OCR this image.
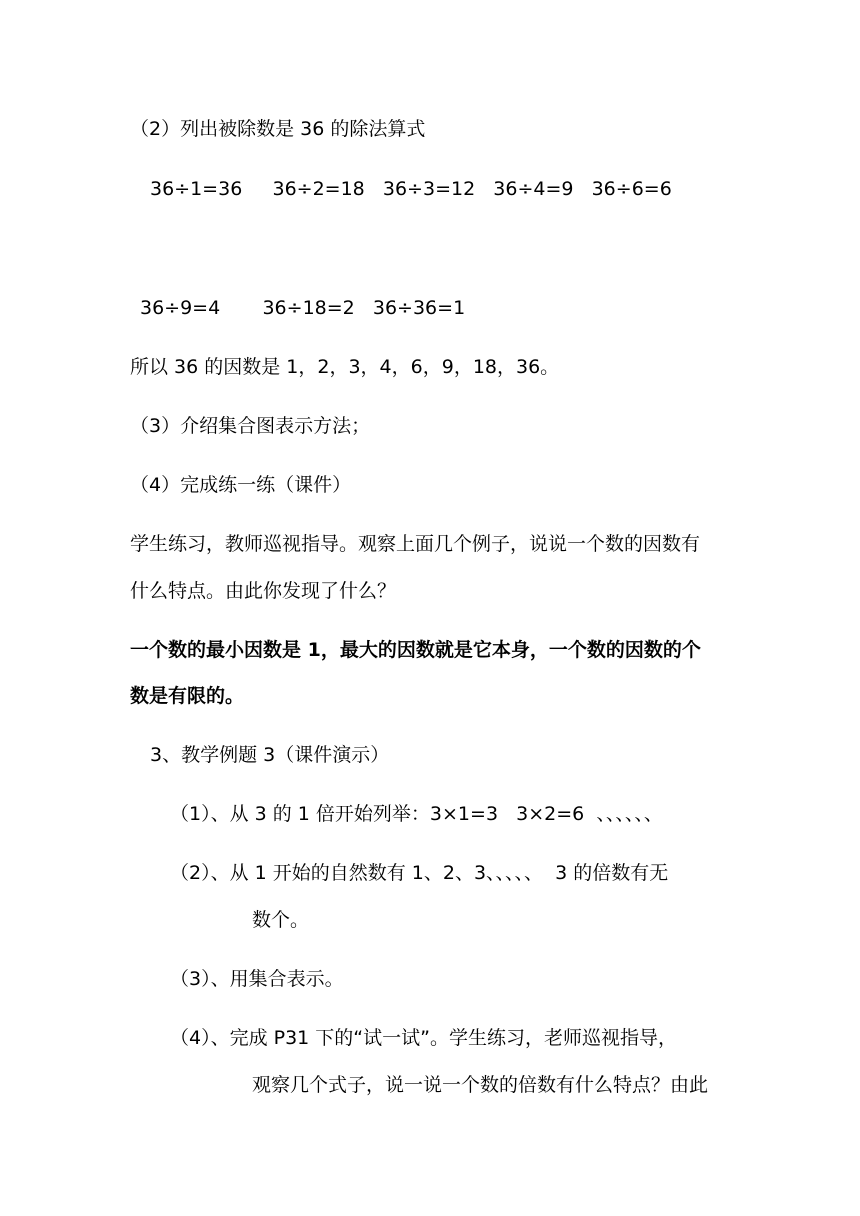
（2）列出被除数是 36 的除法算式
36÷1=36     36÷2=18   36÷3=12   36÷4=9   36÷6=6
36÷9=4       36÷18=2   36÷36=1
所以 36 的因数是 1，2，3，4，6，9，18，36。
（3）介绍集合图表示方法；
（4）完成练一练（课件）
学生练习，教师巡视指导。观察上面几个例子，说说一个数的因数有
什么特点。由此你发现了什么？
一个数的最小因数是 1，最大的因数就是它本身，一个数的因数的个
数是有限的。
3、教学例题 3（课件演示）
（1）、从 3 的 1 倍开始列举：3×1=3   3×2=6  、、、、、、
（2）、从 1 开始的自然数有 1、2、3、、、、、  3 的倍数有无
数个。
（3）、用集合表示。
（4）、完成 P31 下的“试一试”。学生练习，老师巡视指导，
观察几个式子，说一说一个数的倍数有什么特点？由此
